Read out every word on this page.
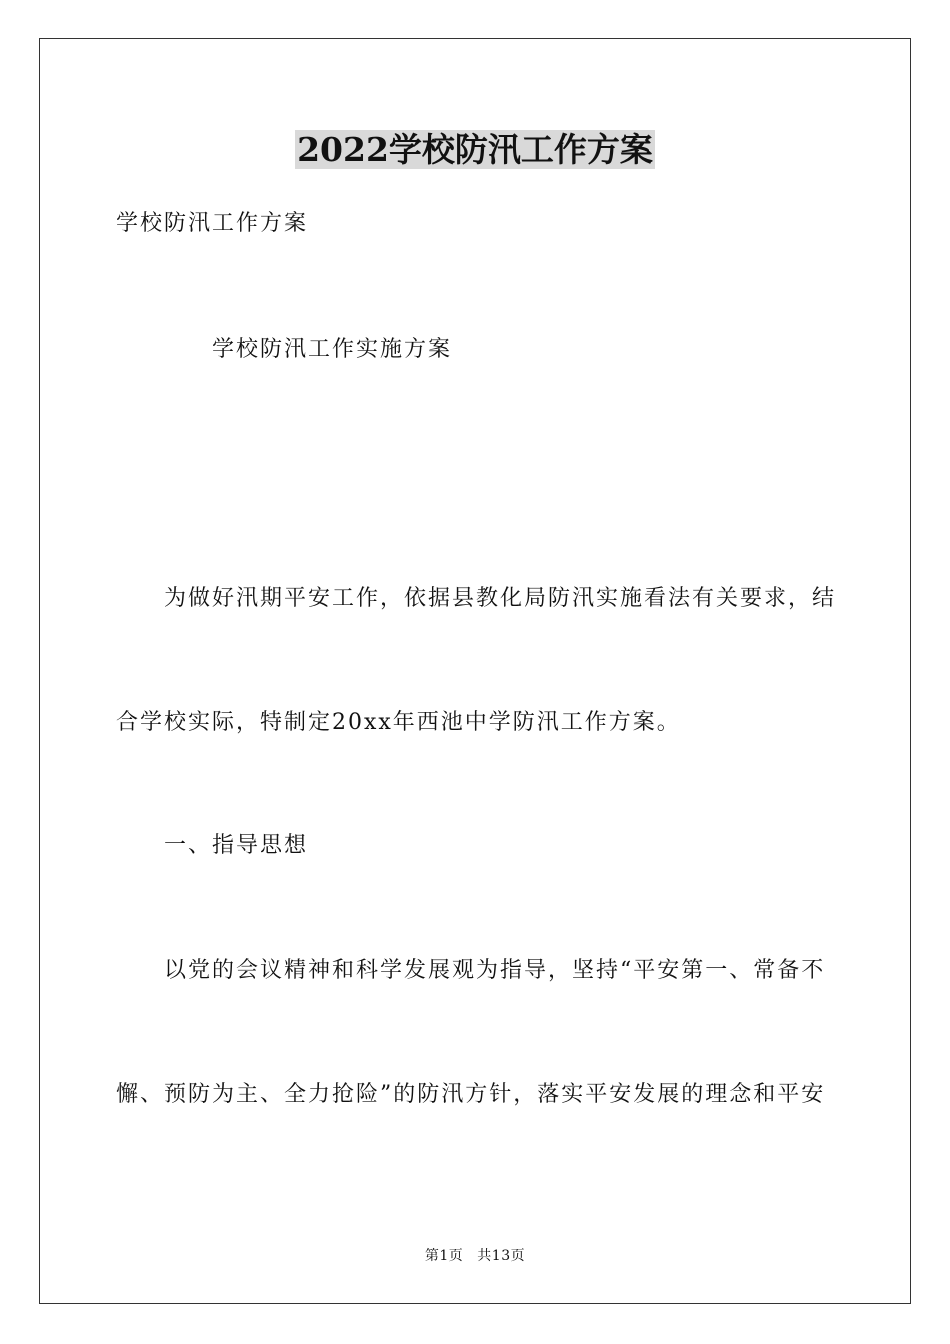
2022学校防汛工作方案
学校防汛工作方案
学校防汛工作实施方案
为做好汛期平安工作，依据县教化局防汛实施看法有关要求，结
合学校实际，特制定20xx年西池中学防汛工作方案。
一、指导思想
以党的会议精神和科学发展观为指导，坚持“平安第一、常备不
懈、预防为主、全力抢险”的防汛方针，落实平安发展的理念和平安
第1页 共13页
